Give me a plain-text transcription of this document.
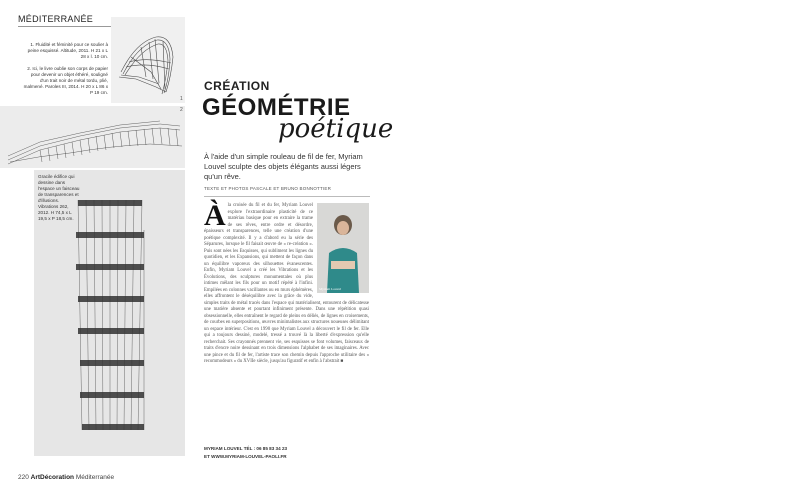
MÉDITERRANÉE
1. Fluidité et féminité pour ce soulier à peine esquissé. Altitude, 2011. H 21 x L 28 x l. 10 cm.
2. Ici, le livre oublie son corps de papier pour devenir un objet éthéré, souligné d'un trait noir de métal tordu, plié, malmené. Paroles III, 2014. H 20 x L 86 x P 19 cm.
1
2
Gracile édifice qui dessine dans l'espace un faisceau de transparences et d'illusions. Vibrations 262, 2012. H 74,5 x L 19,5 x P 18,5 cm.
220 ArtDécoration Méditerranée
CRÉATION
GÉOMÉTRIE
poétique
À l'aide d'un simple rouleau de fil de fer, Myriam Louvel sculpte des objets élégants aussi légers qu'un rêve.
TEXTE ET PHOTOS PASCALE ET BRUNO BONNOTTIER
Myriam Louvel
À la croisée du fil et du fer, Myriam Louvel explore l'extraordinaire plasticité de ce matériau basique pour en extraire la trame de ses rêves, entre ordre et désordre, épaisseurs et transparences, telle une création d'une poétique complexité. Il y a d'abord eu la série des Séparures, lorsque le fil faisait œuvre de « re-création ». Puis sont nées les Esquisses, qui subliment les lignes du quotidien, et les Expansions, qui mettent de façon dans un équilibre vaporeux des silhouettes évanescentes. Enfin, Myriam Louvel a créé les Vibrations et les Évolutions, des sculptures monumentales où plus intimes mêlant les fils pour un motif répété à l'infini. Empilées en colonnes vacillantes ou en murs éphémères, elles affrontent le déséquilibre avec la grâce du vide, simples traits de métal tracés dans l'espace qui matérialisent, entourent de délicatesse une matière absente et pourtant infiniment présente. Dans une répétition quasi obsessionnelle, elles entraînent le regard de pleins en déliés, de lignes en croisements, de courbes en superpositions, œuvres minimalistes aux structures noueuses délimitant un espace intérieur. C'est en 1990 que Myriam Louvel a découvert le fil de fer. Elle qui a toujours dessiné, modelé, tressé a trouvé là la liberté d'expression qu'elle recherchait. Ses crayonnés prennent vie, ses esquisses se font volumes, faisceaux de traits d'encre noire dessinant en trois dimensions l'alphabet de ses imaginaires. Avec une pince et du fil de fer, l'artiste trace son chemin depuis l'approche utilitaire des « recommodeurs » du XVIIe siècle, jusqu'au figuratif et enfin à l'abstrait ■
MYRIAM LOUVEL TÉL : 06 85 83 34 23
ET WWW.MYRIAM-LOUVEL-PAOLI.FR
